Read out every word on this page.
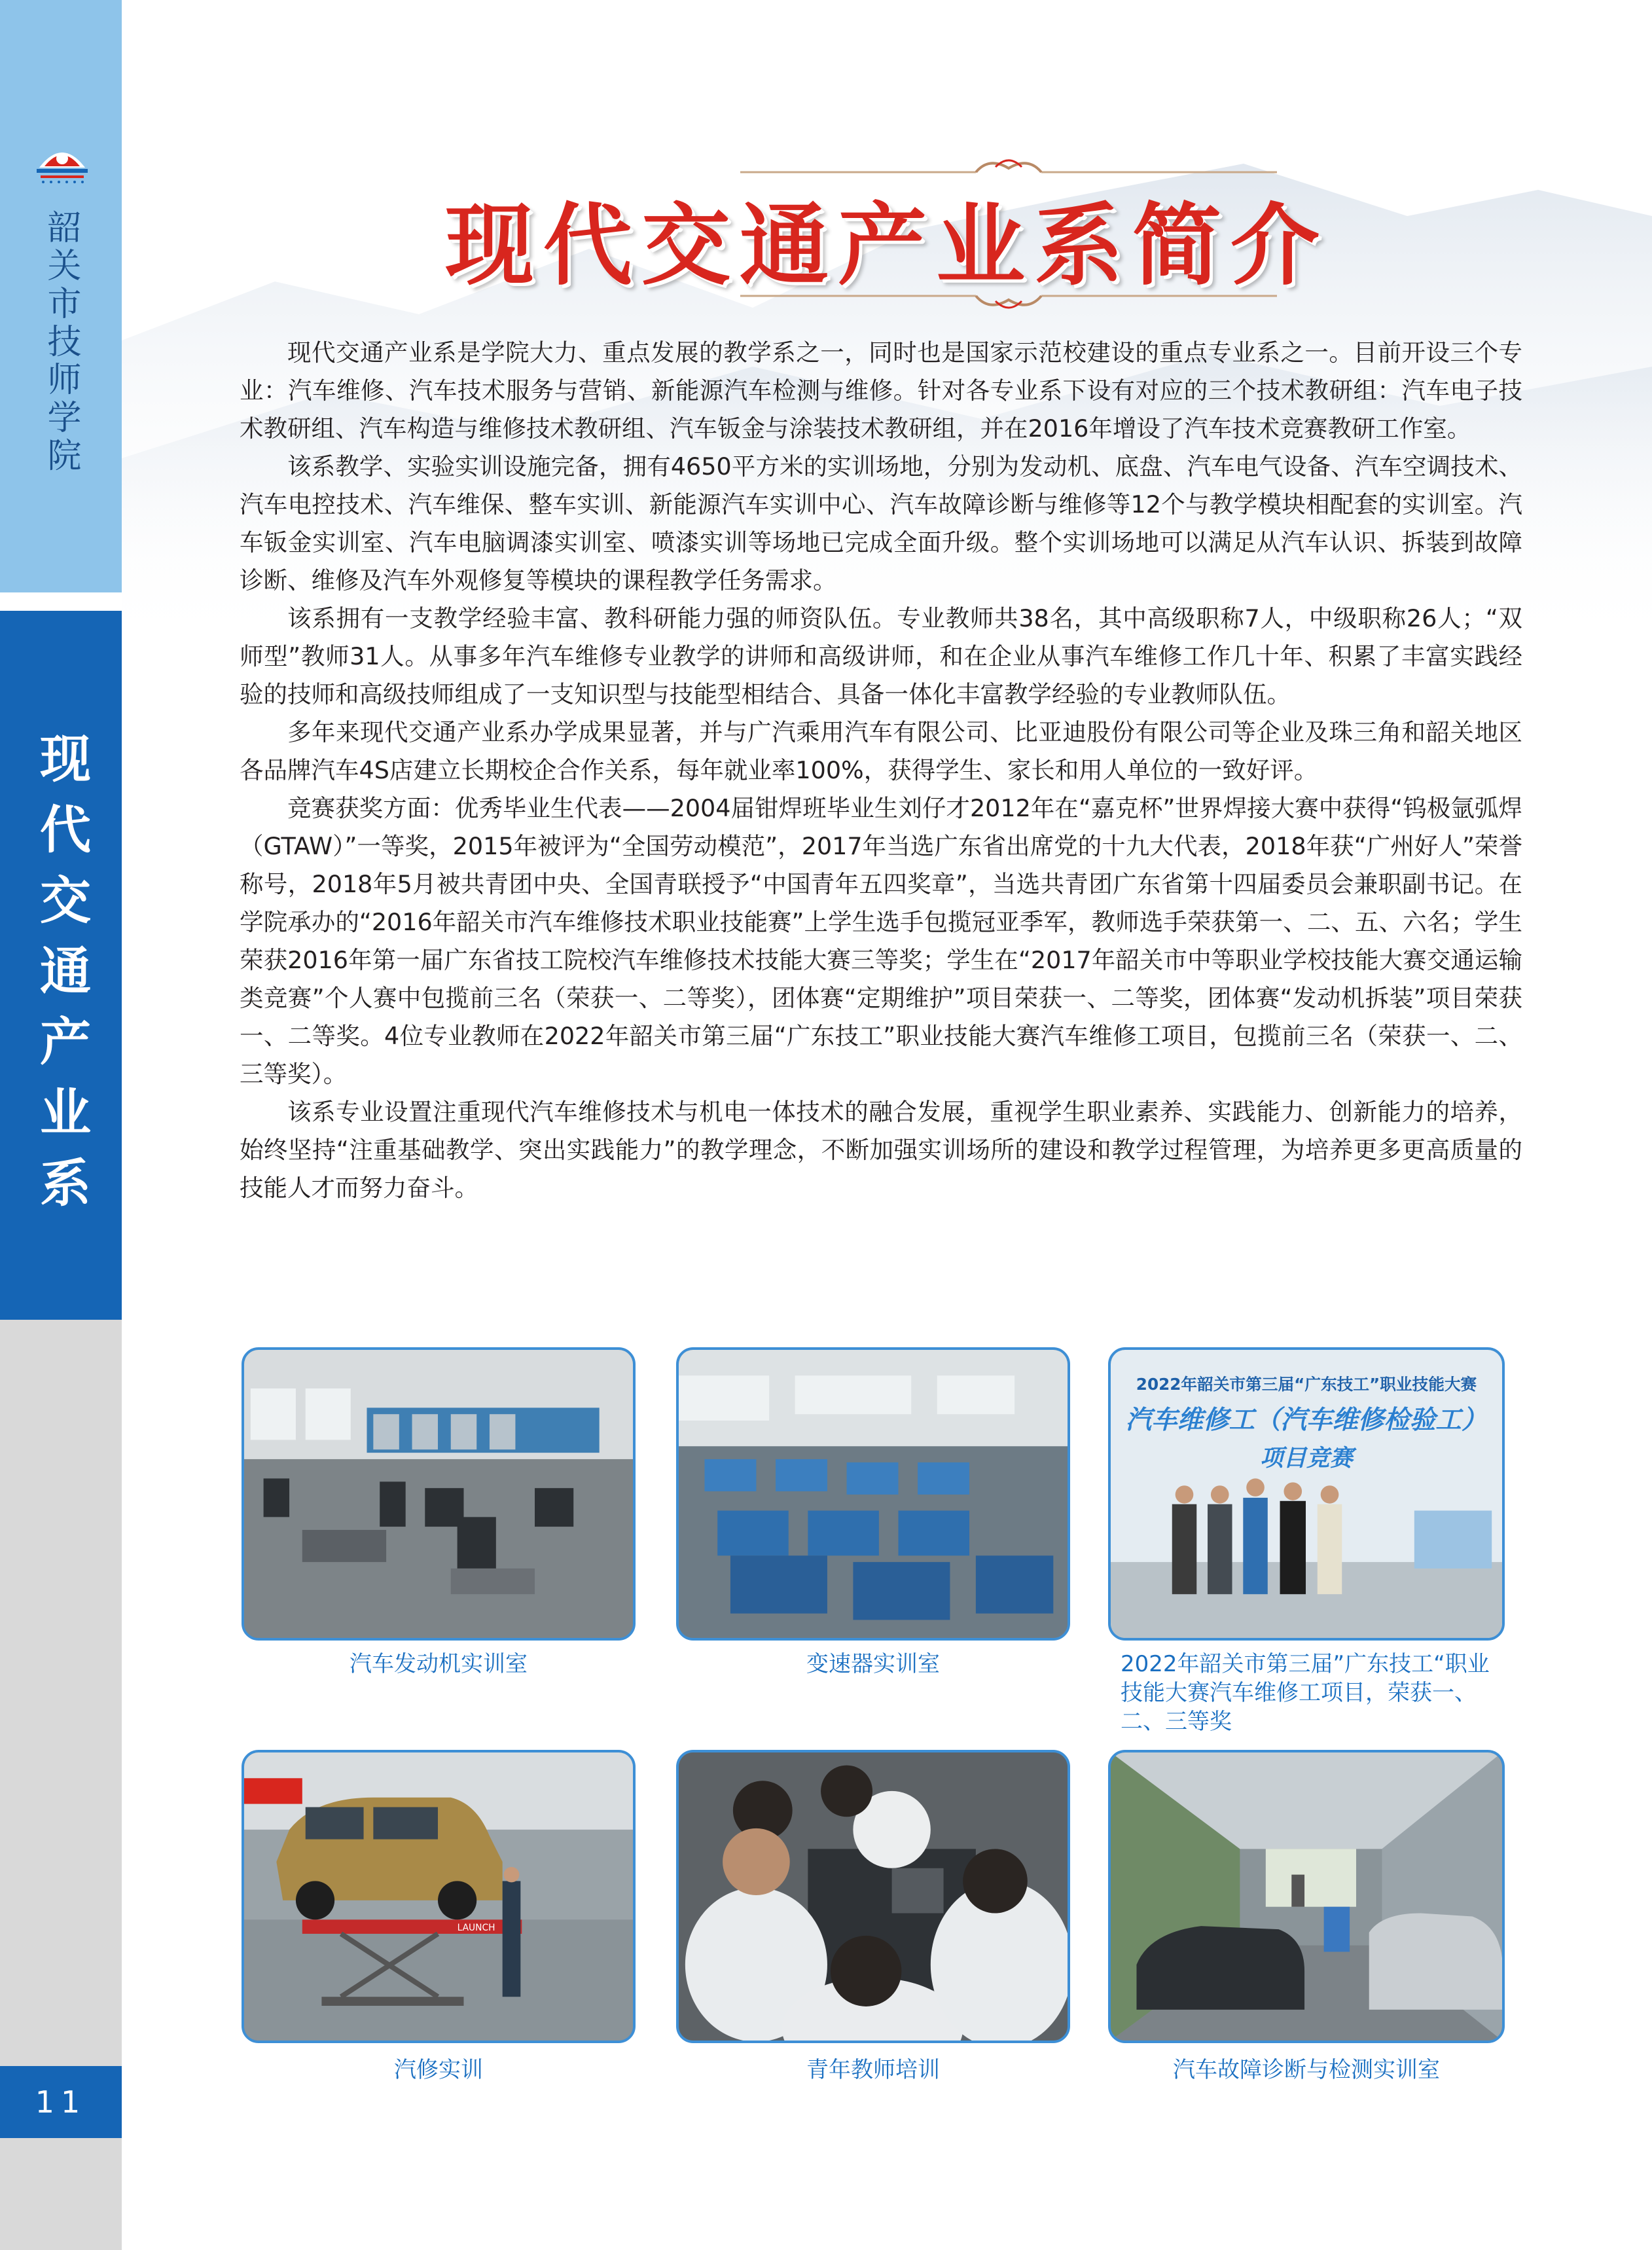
韶关市技师学院
现代交通产业系
11
现代交通产业系简介

现代交通产业系是学院大力、重点发展的教学系之一，同时也是国家示范校建设的重点专业系之一。目前开设三个专业：汽车维修、汽车技术服务与营销、新能源汽车检测与维修。针对各专业系下设有对应的三个技术教研组：汽车电子技术教研组、汽车构造与维修技术教研组、汽车钣金与涂装技术教研组，并在2016年增设了汽车技术竞赛教研工作室。

该系教学、实验实训设施完备，拥有4650平方米的实训场地，分别为发动机、底盘、汽车电气设备、汽车空调技术、汽车电控技术、汽车维保、整车实训、新能源汽车实训中心、汽车故障诊断与维修等12个与教学模块相配套的实训室。汽车钣金实训室、汽车电脑调漆实训室、喷漆实训等场地已完成全面升级。整个实训场地可以满足从汽车认识、拆装到故障诊断、维修及汽车外观修复等模块的课程教学任务需求。

该系拥有一支教学经验丰富、教科研能力强的师资队伍。专业教师共38名，其中高级职称7人，中级职称26人；“双师型”教师31人。从事多年汽车维修专业教学的讲师和高级讲师，和在企业从事汽车维修工作几十年、积累了丰富实践经验的技师和高级技师组成了一支知识型与技能型相结合、具备一体化丰富教学经验的专业教师队伍。

多年来现代交通产业系办学成果显著，并与广汽乘用汽车有限公司、比亚迪股份有限公司等企业及珠三角和韶关地区各品牌汽车4S店建立长期校企合作关系，每年就业率100%，获得学生、家长和用人单位的一致好评。

竞赛获奖方面：优秀毕业生代表——2004届钳焊班毕业生刘仔才2012年在“嘉克杯”世界焊接大赛中获得“钨极氩弧焊（GTAW）”一等奖，2015年被评为“全国劳动模范”，2017年当选广东省出席党的十九大代表，2018年获“广州好人”荣誉称号，2018年5月被共青团中央、全国青联授予“中国青年五四奖章”，当选共青团广东省第十四届委员会兼职副书记。在学院承办的“2016年韶关市汽车维修技术职业技能赛”上学生选手包揽冠亚季军，教师选手荣获第一、二、五、六名；学生荣获2016年第一届广东省技工院校汽车维修技术技能大赛三等奖；学生在“2017年韶关市中等职业学校技能大赛交通运输类竞赛”个人赛中包揽前三名（荣获一、二等奖），团体赛“定期维护”项目荣获一、二等奖，团体赛“发动机拆装”项目荣获一、二等奖。4位专业教师在2022年韶关市第三届“广东技工”职业技能大赛汽车维修工项目，包揽前三名（荣获一、二、三等奖）。

该系专业设置注重现代汽车维修技术与机电一体技术的融合发展，重视学生职业素养、实践能力、创新能力的培养，始终坚持“注重基础教学、突出实践能力”的教学理念，不断加强实训场所的建设和教学过程管理，为培养更多更高质量的技能人才而努力奋斗。

汽车发动机实训室	变速器实训室
2022年韶关市第三届“广东技工”职业技能大赛
汽车维修工（汽车维修检验工）
项目竞赛
2022年韶关市第三届”广东技工“职业技能大赛汽车维修工项目，荣获一、二、三等奖
LAUNCH
汽修实训	青年教师培训	汽车故障诊断与检测实训室
